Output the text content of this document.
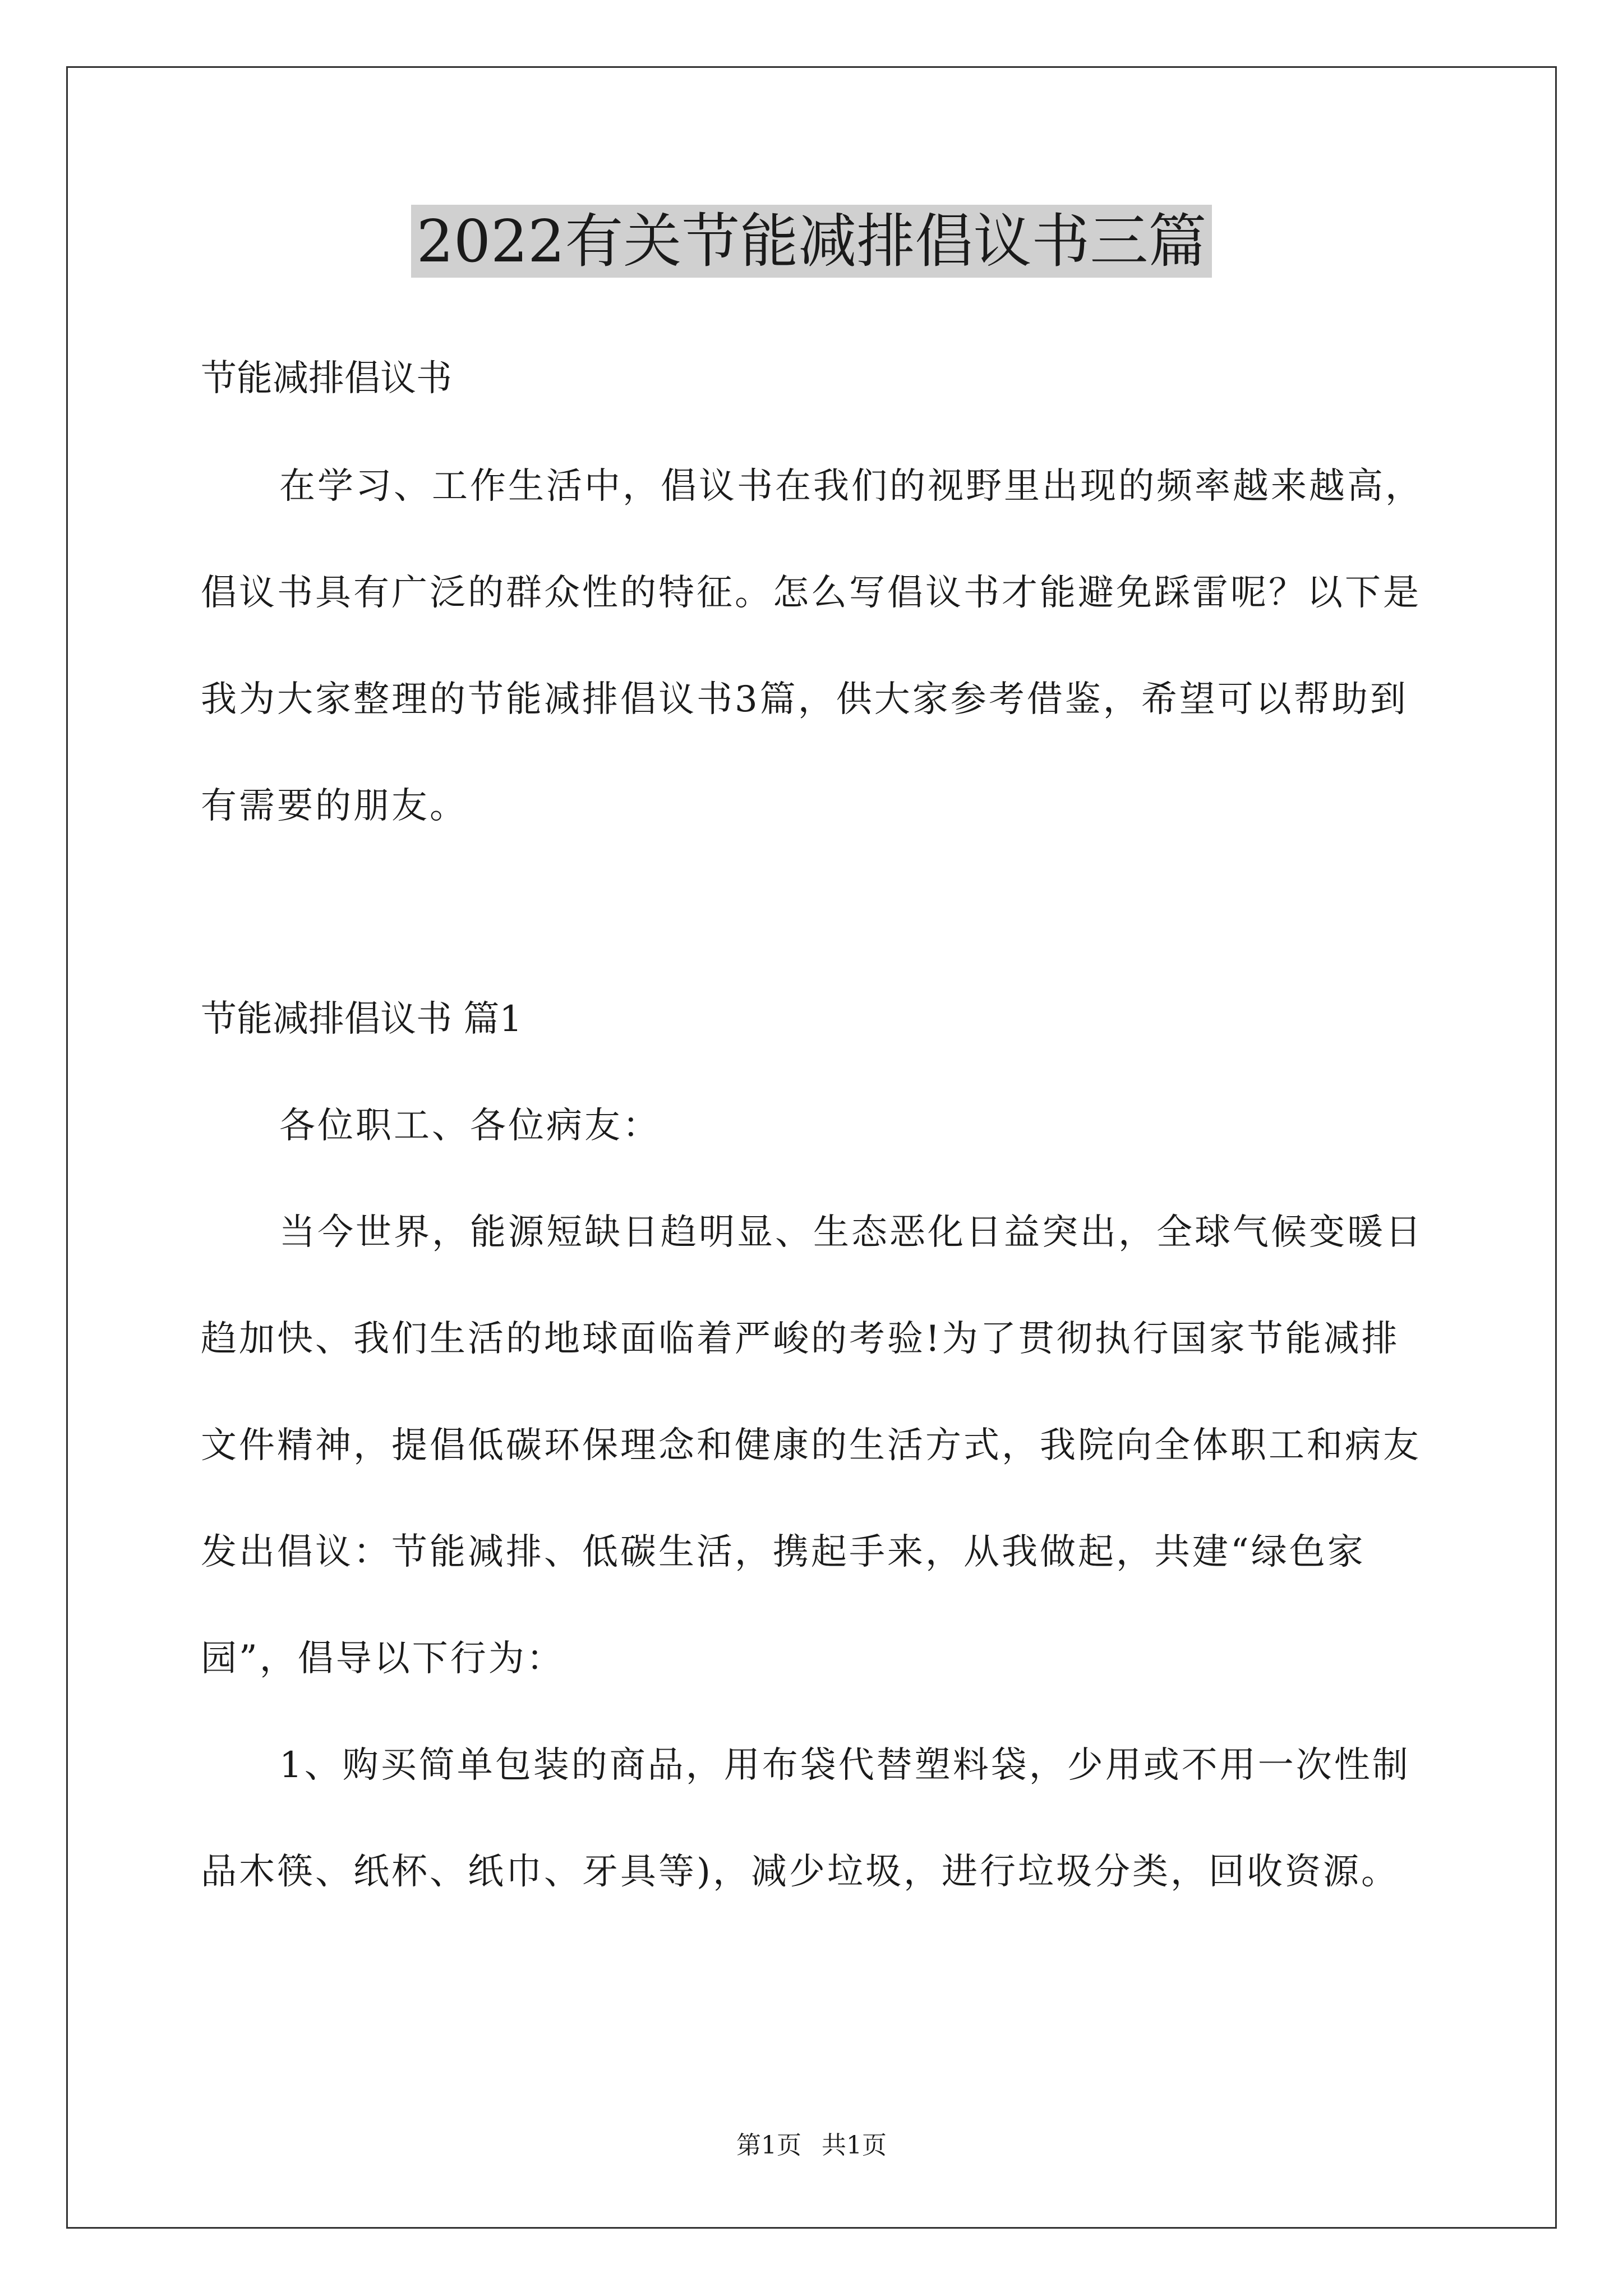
2022有关节能减排倡议书三篇
节能减排倡议书

在学习、工作生活中，倡议书在我们的视野里出现的频率越来越高，倡议书具有广泛的群众性的特征。怎么写倡议书才能避免踩雷呢？以下是我为大家整理的节能减排倡议书3篇，供大家参考借鉴，希望可以帮助到有需要的朋友。

节能减排倡议书 篇1

各位职工、各位病友：

当今世界，能源短缺日趋明显、生态恶化日益突出，全球气候变暖日趋加快、我们生活的地球面临着严峻的考验!为了贯彻执行国家节能减排文件精神，提倡低碳环保理念和健康的生活方式，我院向全体职工和病友发出倡议：节能减排、低碳生活，携起手来，从我做起，共建“绿色家园”，倡导以下行为：

1、购买简单包装的商品，用布袋代替塑料袋，少用或不用一次性制品木筷、纸杯、纸巾、牙具等)，减少垃圾，进行垃圾分类，回收资源。

第1页 共1页
